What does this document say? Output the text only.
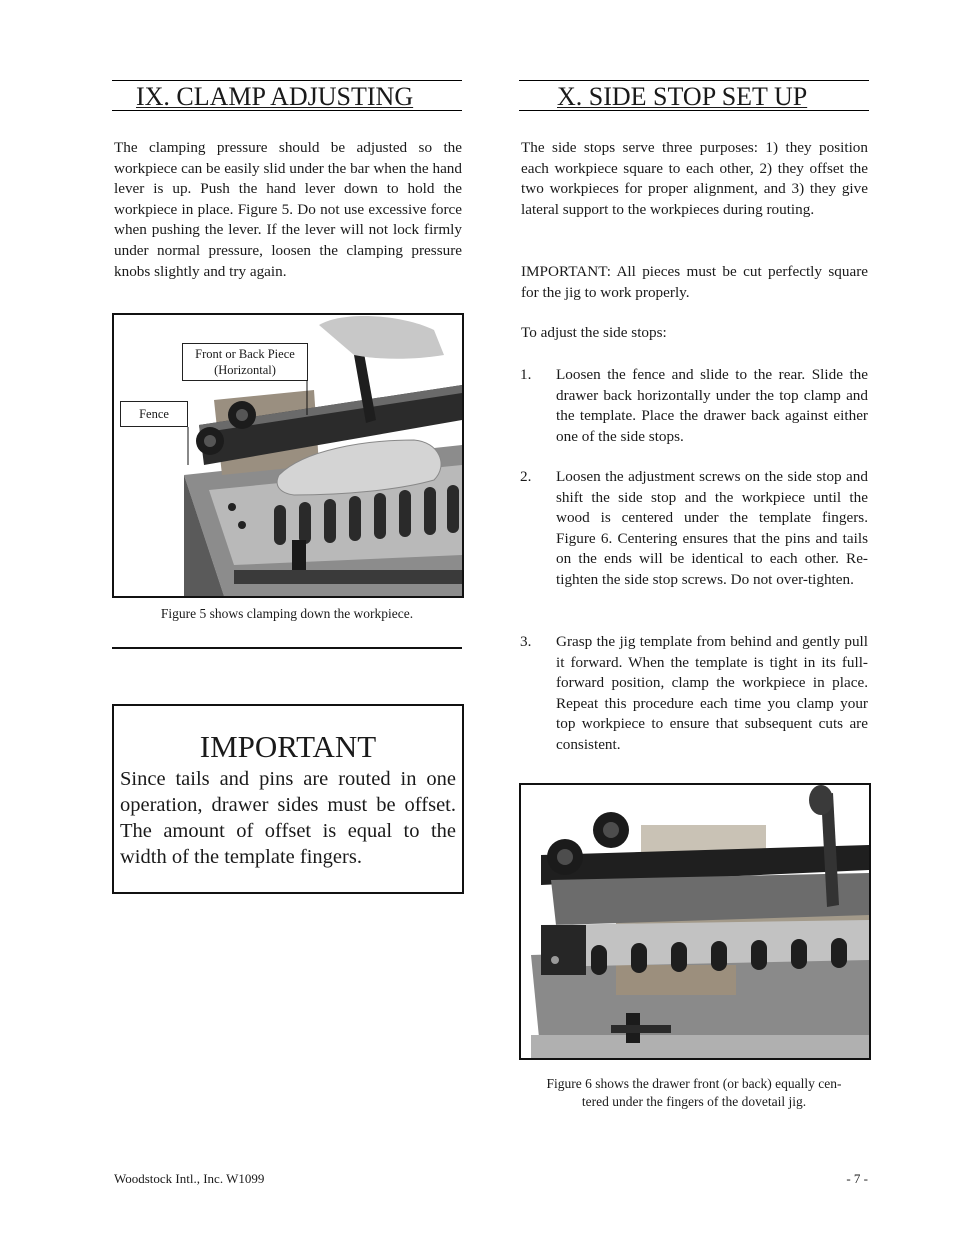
IX. CLAMP ADJUSTING

The clamping pressure should be adjusted so the workpiece can be easily slid under the bar when the hand lever is up. Push the hand lever down to hold the workpiece in place. Figure 5. Do not use excessive force when pushing the lever. If the lever will not lock firmly under normal pressure, loosen the clamping pressure knobs slightly and try again.

Front or Back Piece
(Horizontal)
Fence
Figure 5 shows clamping down the workpiece.
IMPORTANT
Since tails and pins are routed in one operation, drawer sides must be offset. The amount of offset is equal to the width of the template fingers.
X. SIDE STOP SET UP

The side stops serve three purposes: 1) they position each workpiece square to each other, 2) they offset the two workpieces for proper alignment, and 3) they give lateral support to the workpieces during routing.

IMPORTANT: All pieces must be cut perfectly square for the jig to work properly.

To adjust the side stops:

1. Loosen the fence and slide to the rear. Slide the drawer back horizontally under the top clamp and the template. Place the drawer back against either one of the side stops.
2. Loosen the adjustment screws on the side stop and shift the side stop and the workpiece until the wood is centered under the template fingers. Figure 6. Centering ensures that the pins and tails on the ends will be identical to each other. Re-tighten the side stop screws. Do not over-tighten.
3. Grasp the jig template from behind and gently pull it forward. When the template is tight in its full-forward position, clamp the workpiece in place. Repeat this procedure each time you clamp your top workpiece to ensure that subsequent cuts are consistent.
Figure 6 shows the drawer front (or back) equally cen-
tered under the fingers of the dovetail jig.
Woodstock Intl., Inc. W1099	- 7 -
